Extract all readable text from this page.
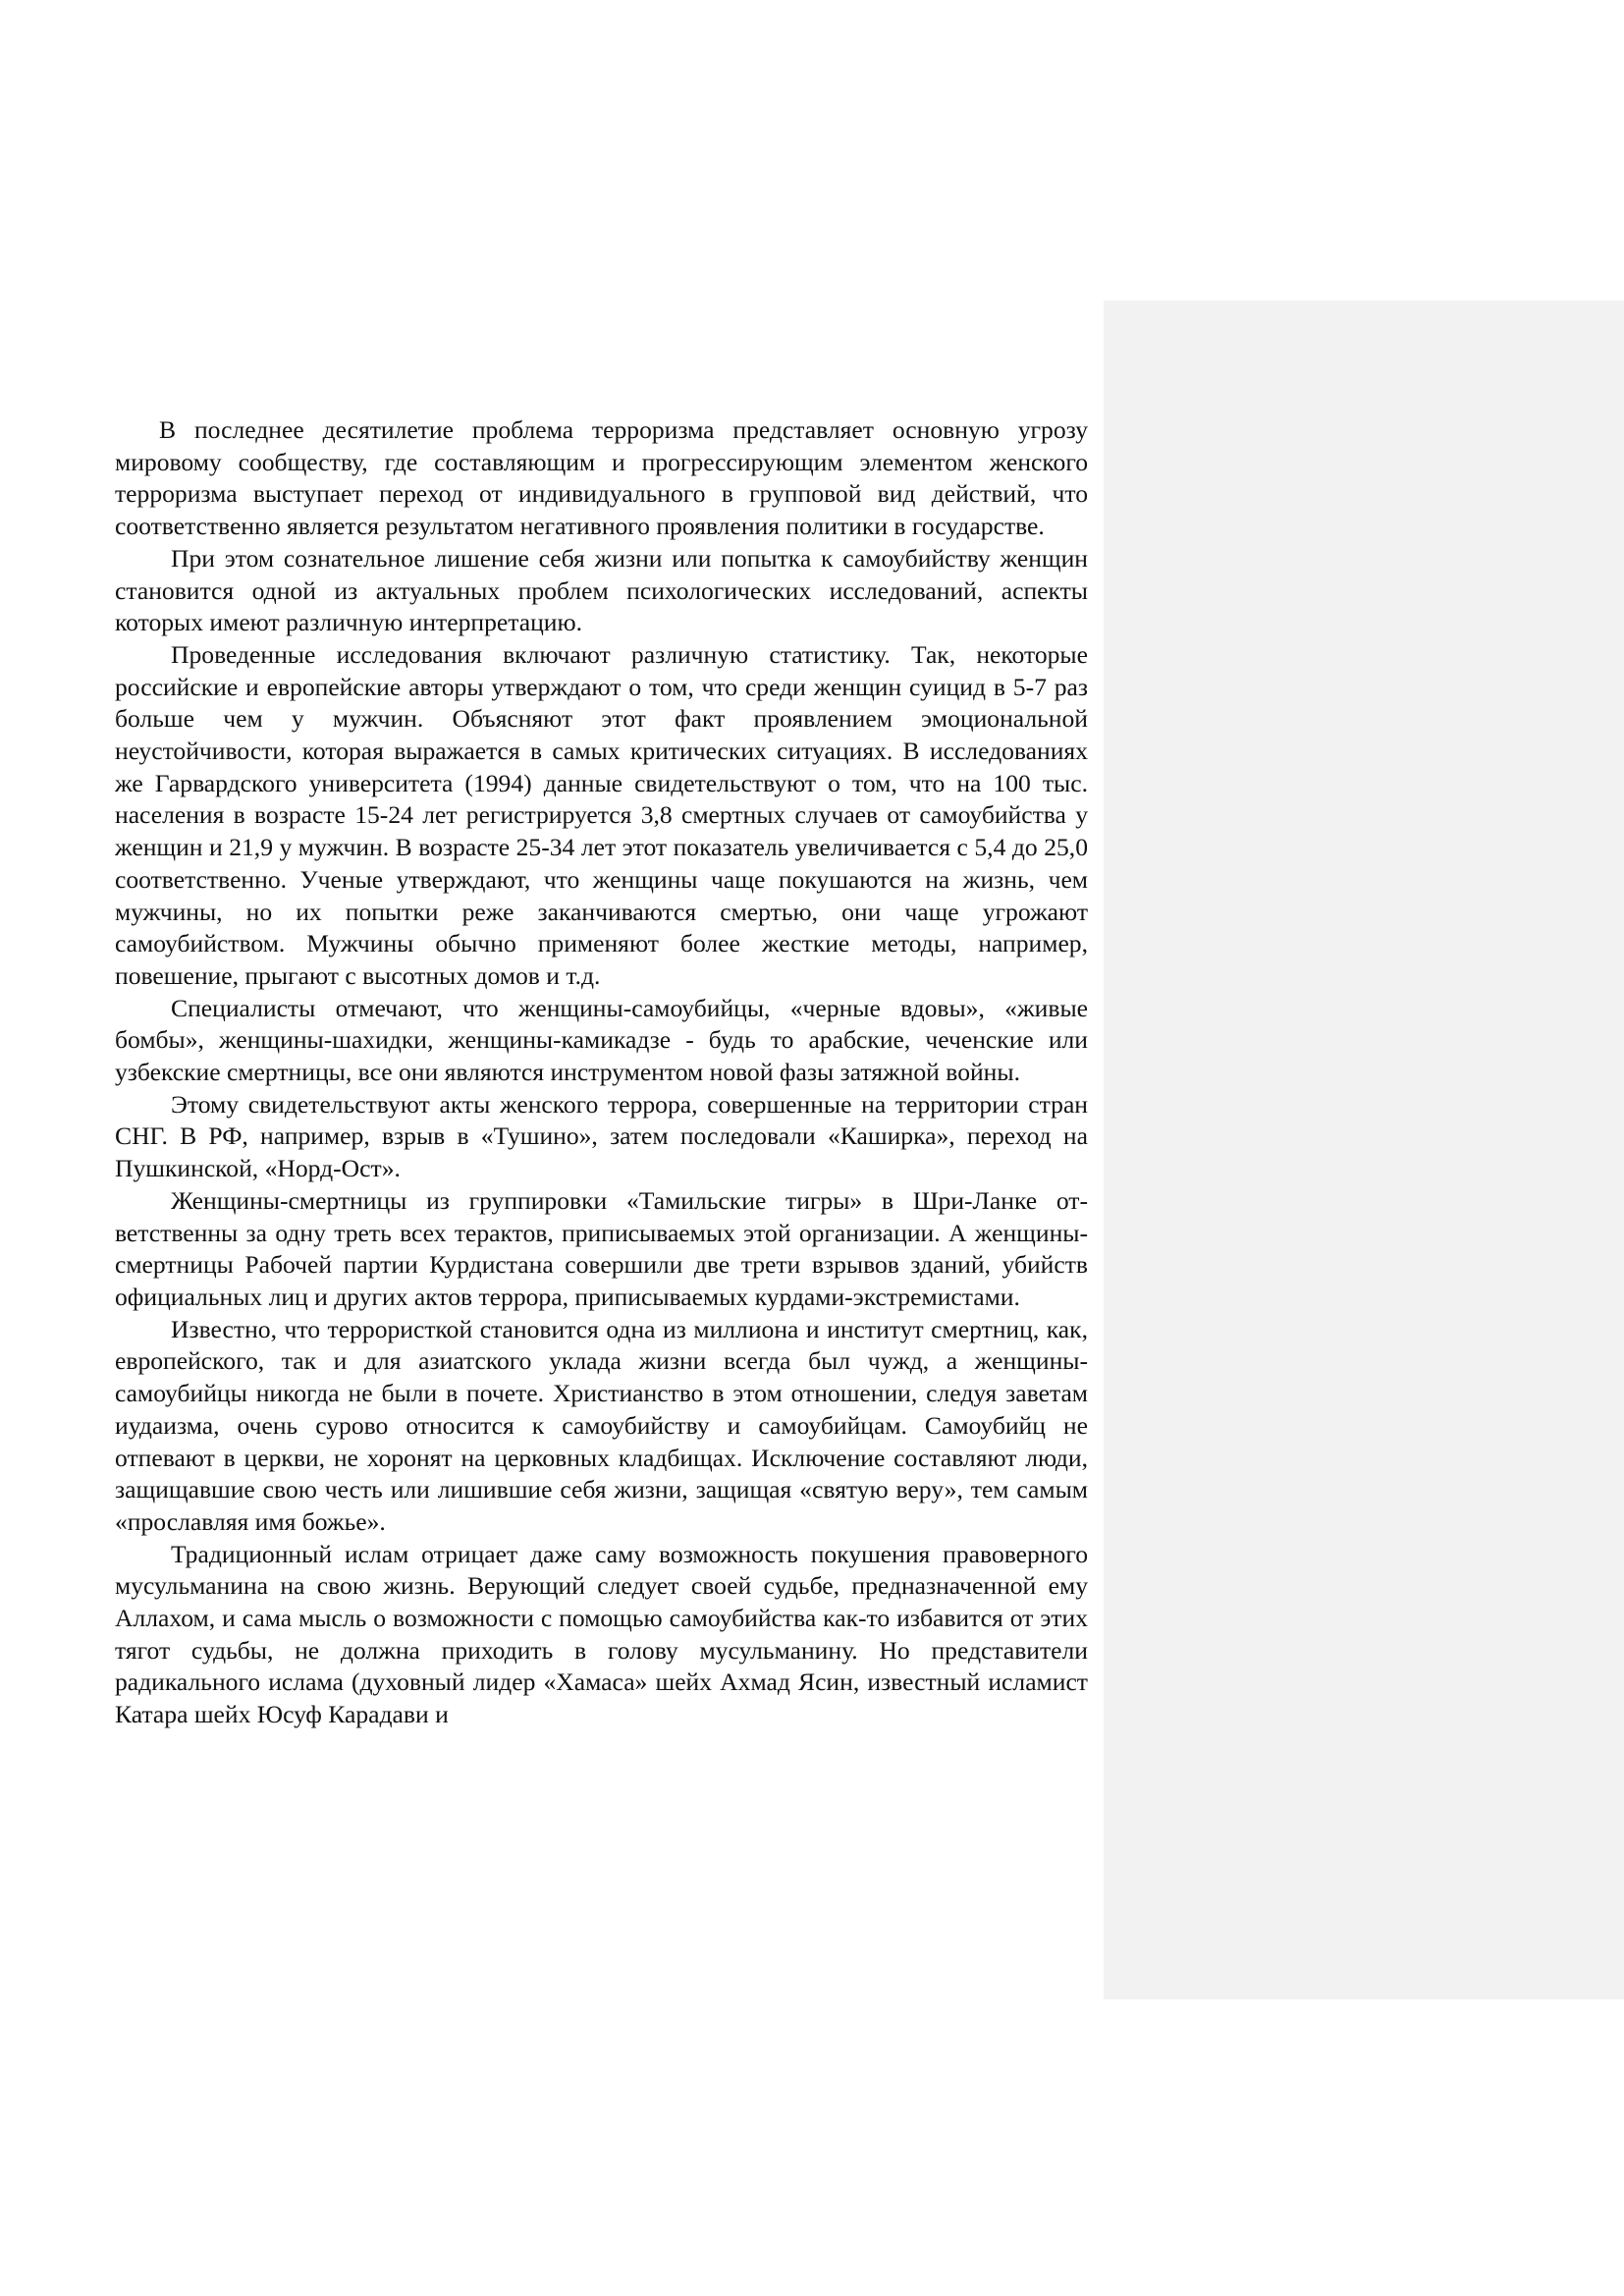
В последнее десятилетие проблема терроризма представляет основную угрозу мировому сообществу, где составляющим и прогрессирующим элементом женского терроризма выступает переход от индивидуального в групповой вид действий, что соответственно является результатом негативного проявления политики в государстве.

При этом сознательное лишение себя жизни или попытка к самоубийству женщин становится одной из актуальных проблем психологических исследований, аспекты которых имеют различную интерпретацию.

Проведенные исследования включают различную статистику. Так, некоторые российские и европейские авторы утверждают о том, что среди женщин суицид в 5-7 раз больше чем у мужчин. Объясняют этот факт проявлением эмоциональной неустойчивости, которая выражается в самых критических ситуациях. В исследованиях же Гарвардского университета (1994) данные свидетельствуют о том, что на 100 тыс. населения в возрасте 15-24 лет регистрируется 3,8 смертных случаев от самоубийства у женщин и 21,9 у мужчин. В возрасте 25-34 лет этот показатель увеличивается с 5,4 до 25,0 соответственно. Ученые утверждают, что женщины чаще покушаются на жизнь, чем мужчины, но их попытки реже заканчиваются смертью, они чаще угрожают самоубийством. Мужчины обычно применяют более жесткие методы, например, повешение, прыгают с высотных домов и т.д.

Специалисты отмечают, что женщины-самоубийцы, «черные вдовы», «живые бомбы», женщины-шахидки, женщины-камикадзе - будь то арабские, чеченские или узбекские смертницы, все они являются инструментом новой фазы затяжной войны.

Этому свидетельствуют акты женского террора, совершенные на территории стран СНГ. В РФ, например, взрыв в «Тушино», затем последовали «Каширка», переход на Пушкинской, «Норд-Ост».

Женщины-смертницы из группировки «Тамильские тигры» в Шри-Ланке ответственны за одну треть всех терактов, приписываемых этой организации. А женщины-смертницы Рабочей партии Курдистана совершили две трети взрывов зданий, убийств официальных лиц и других актов террора, приписываемых курдами-экстремистами.

Известно, что террористкой становится одна из миллиона и институт смертниц, как, европейского, так и для азиатского уклада жизни всегда был чужд, а женщины-самоубийцы никогда не были в почете. Христианство в этом отношении, следуя заветам иудаизма, очень сурово относится к самоубийству и самоубийцам. Самоубийц не отпевают в церкви, не хоронят на церковных кладбищах. Исключение составляют люди, защищавшие свою честь или лишившие себя жизни, защищая «святую веру», тем самым «прославляя имя божье».

Традиционный ислам отрицает даже саму возможность покушения правоверного мусульманина на свою жизнь. Верующий следует своей судьбе, предназначенной ему Аллахом, и сама мысль о возможности с помощью самоубийства как-то избавится от этих тягот судьбы, не должна приходить в голову мусульманину. Но представители радикального ислама (духовный лидер «Хамаса» шейх Ахмад Ясин, известный исламист Катара шейх Юсуф Карадави и
